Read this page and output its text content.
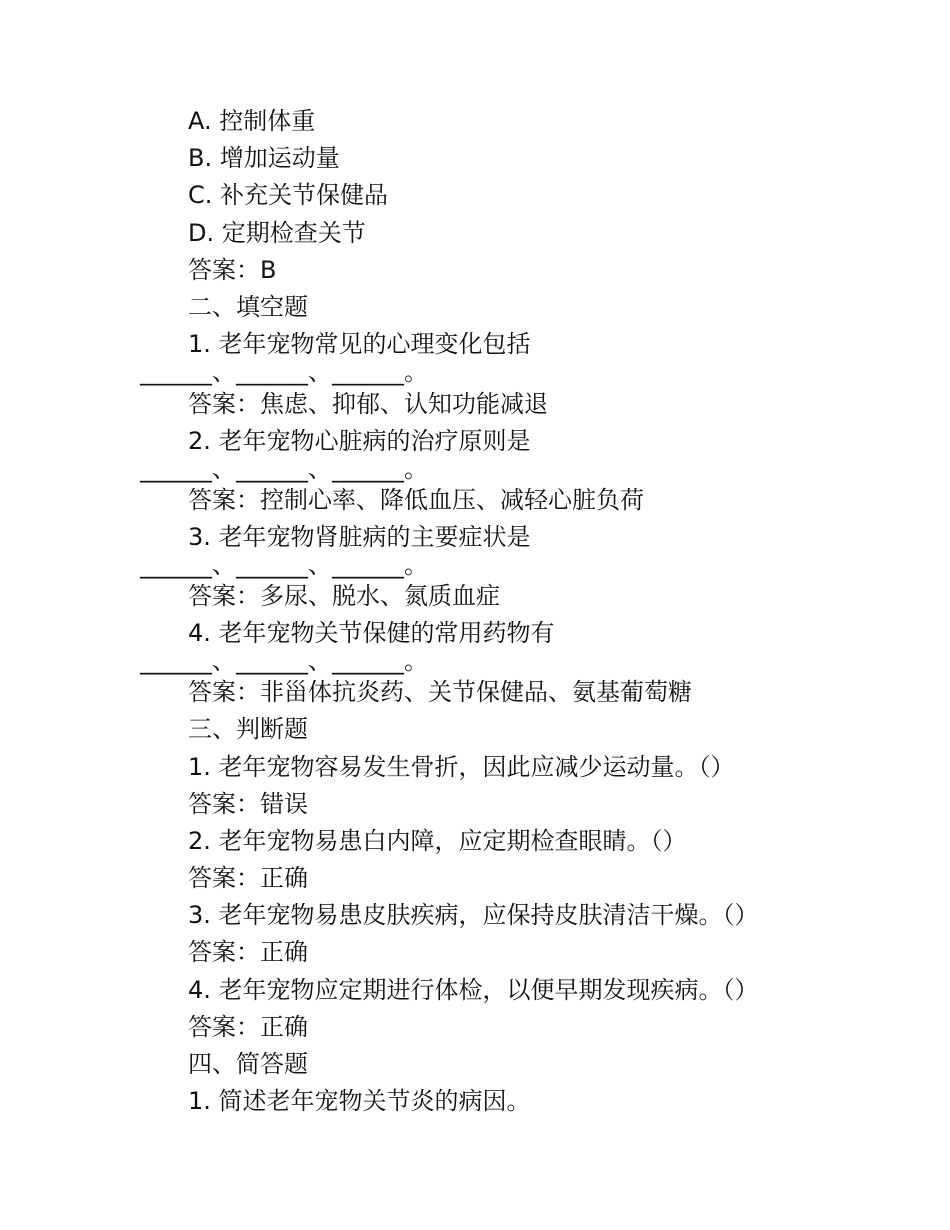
A. 控制体重
B. 增加运动量
C. 补充关节保健品
D. 定期检查关节
答案：B
二、填空题
1. 老年宠物常见的心理变化包括
______、______、______。
答案：焦虑、抑郁、认知功能减退
2. 老年宠物心脏病的治疗原则是
______、______、______。
答案：控制心率、降低血压、减轻心脏负荷
3. 老年宠物肾脏病的主要症状是
______、______、______。
答案：多尿、脱水、氮质血症
4. 老年宠物关节保健的常用药物有
______、______、______。
答案：非甾体抗炎药、关节保健品、氨基葡萄糖
三、判断题
1. 老年宠物容易发生骨折，因此应减少运动量。（）
答案：错误
2. 老年宠物易患白内障，应定期检查眼睛。（）
答案：正确
3. 老年宠物易患皮肤疾病，应保持皮肤清洁干燥。（）
答案：正确
4. 老年宠物应定期进行体检，以便早期发现疾病。（）
答案：正确
四、简答题
1. 简述老年宠物关节炎的病因。
